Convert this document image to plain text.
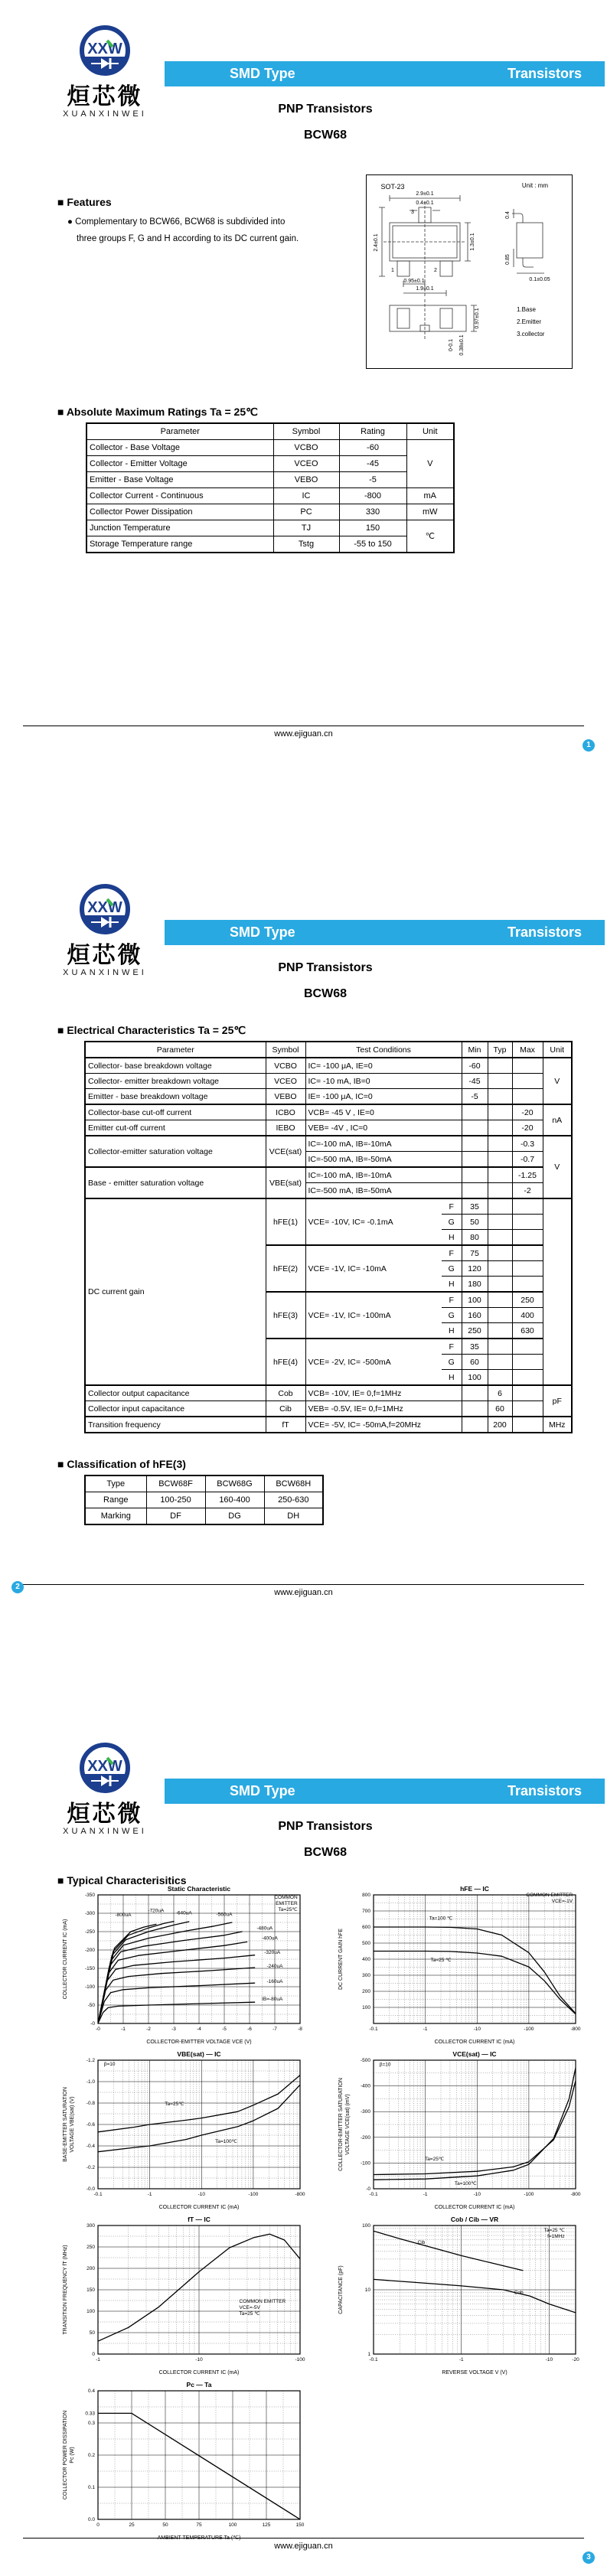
XXW
烜芯微
XUANXINWEI
SMD Type	Transistors
PNP Transistors
BCW68
■ Features
● Complementary to BCW66, BCW68 is subdivided into
three groups F, G and H according to its DC current gain.
SOT-23	Unit : mm
2.9±0.1
0.4±0.1
3
2.4±0.1	1.3±0.1
1	2
0.95±0.1
1.9±0.1
0.4
0.85
0.1±0.05
0.97±0.1
0-0.1 0.38±0.1
1.Base
2.Emitter
3.collector
■ Absolute Maximum Ratings Ta = 25℃
Parameter	Symbol	Rating	Unit
Collector - Base Voltage	VCBO	-60	V
Collector - Emitter Voltage	VCEO	-45	
Emitter - Base Voltage	VEBO	-5	
Collector Current - Continuous	IC	-800	mA
Collector Power Dissipation	PC	330	mW
Junction Temperature	TJ	150	℃
Storage Temperature range	Tstg	-55 to 150	
www.ejiguan.cn
1
XXW
烜芯微
XUANXINWEI
SMD Type	Transistors
PNP Transistors
BCW68
■ Electrical Characteristics Ta = 25℃
Parameter	Symbol	Test Conditions		Min	Typ	Max	Unit
Collector- base breakdown voltage	VCBO	IC= -100 μA, IE=0		-60			V
Collector- emitter breakdown voltage	VCEO	IC= -10 mA, IB=0		-45			
Emitter - base breakdown voltage	VEBO	IE= -100 μA, IC=0		-5			
Collector-base cut-off current	ICBO	VCB= -45 V , IE=0				-20	nA
Emitter cut-off current	IEBO	VEB= -4V , IC=0				-20	
Collector-emitter saturation voltage	VCE(sat)	IC=-100 mA, IB=-10mA				-0.3	V
		IC=-500 mA, IB=-50mA				-0.7	
Base - emitter saturation voltage	VBE(sat)	IC=-100 mA, IB=-10mA				-1.25	
		IC=-500 mA, IB=-50mA				-2	
DC current gain	hFE(1)	VCE= -10V, IC= -0.1mA	F	35			
			G	50			
			H	80			
	hFE(2)	VCE= -1V, IC= -10mA	F	75			
			G	120			
			H	180			
	hFE(3)	VCE= -1V, IC= -100mA	F	100		250	
			G	160		400	
			H	250		630	
	hFE(4)	VCE= -2V, IC= -500mA	F	35			
			G	60			
			H	100			
Collector output capacitance	Cob	VCB= -10V, IE= 0,f=1MHz			6		pF
Collector input capacitance	Cib	VEB= -0.5V, IE= 0,f=1MHz			60		
Transition frequency	fT	VCE= -5V, IC= -50mA,f=20MHz			200		MHz
■ Classification of hFE(3)
Type	BCW68F	BCW68G	BCW68H
Range	100-250	160-400	250-630
Marking	DF	DG	DH
www.ejiguan.cn
2
XXW
烜芯微
XUANXINWEI
SMD Type	Transistors
PNP Transistors
BCW68
■ Typical Characterisitics
-0	-1	-2	-3	-4	-5	-6	-7	-8
-0
-50
-100
-150
-200
-250
-300
-350
Static Characteristic
COLLECTOR-EMITTER VOLTAGE VCE (V)
COLLECTOR CURRENT IC (mA)
-800uA
-720uA -640uA	-560uA
-480uA
-400uA
-320uA
-240uA
-160uA
IB=-80uA
COMMON
EMITTER
Ta=25℃
-0.1	-1	-10	-100	-800
100
200
300
400
500
600
700
800
hFE — IC
COLLECTOR CURRENT IC (mA)
DC CURRENT GAIN hFE
Ta=100 ℃
Ta=25 ℃
COMMON EMITTER
VCE=-1V
-0.1	-1	-10	-100	-800
-0.0
-0.2
-0.4
-0.6
-0.8
-1.0
-1.2
VBE(sat) — IC
COLLECTOR CURRENT IC (mA)
BASE-EMITTER SATURATION VOLTAGE VBE(sat) (V)	Ta=25℃
Ta=100℃
β=10
-0.1	-1	-10	-100	-800
-0
-100
-200
-300
-400
-500
VCE(sat) — IC
COLLECTOR CURRENT IC (mA)
COLLECTOR-EMITTER SATURATION VOLTAGE VCE(sat) (mV)
Ta=25℃
Ta=100℃
β=10
-1	-10	-100
0
50
100
150
200
250
300
fT — IC
COLLECTOR CURRENT IC (mA)
TRANSITION FREQUENCY fT (MHz)	COMMON EMITTER
VCE=-5V
Ta=25 ℃
-0.1	-1	-10	-20
1
10
100
Cob / Cib — VR
REVERSE VOLTAGE V (V)
CAPACITANCE (pF)
Cib
Cob
Ta=25 ℃
f=1MHz
0	25	50	75	100	125	150
0.0
0.1
0.2
0.3
0.33
0.4
Pc — Ta
AMBIENT TEMPERATURE Ta (℃)
COLLECTOR POWER DISSIPATION Pc (W)
www.ejiguan.cn
3
